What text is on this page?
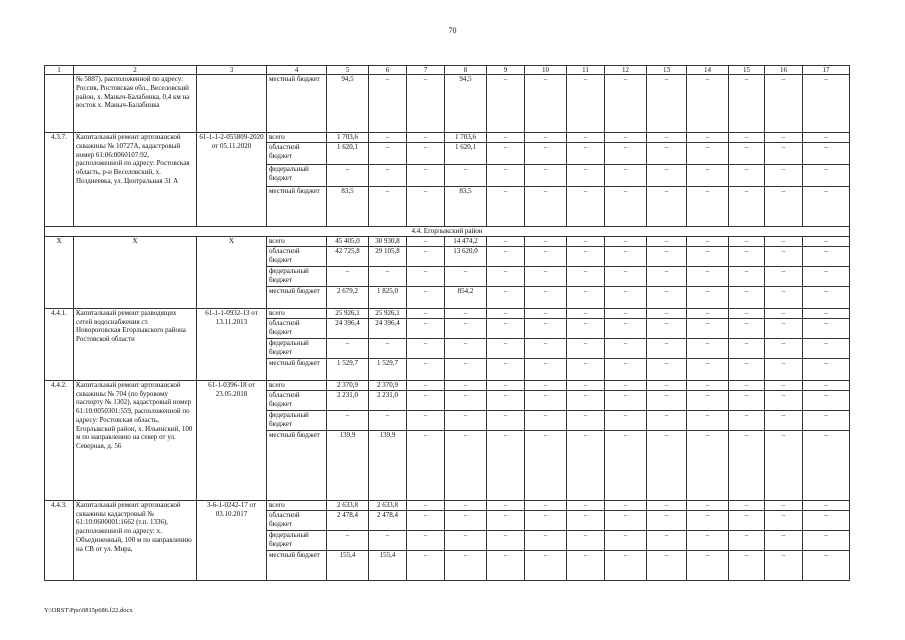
70
1	2	3	4	5	6	7	8	9	10	11	12	13	14	15	16	17
	№ 5887), расположенной по адресу: Россия, Ростовская обл., Веселовский район, х. Маныч-Балабинка, 0,4 км на восток х. Маныч-Балабинка		местный бюджет	94,5	–	–	94,5	–	–	–	–	–	–	–	–	–
4.3.7.	Капитальный ремонт артезианской скважины № 10727А, кадастровый номер 61:06:0060107:92, расположенной по адресу: Ростовская область, р-н Веселовский, х. Позднеевка, ул. Центральная 31 А	61-1-1-2-055809-2020 от 05.11.2020	всего	1 703,6	–	–	1 703,6	–	–	–	–	–	–	–	–	–
			областной бюджет	1 620,1	–	–	1 620,1	–	–	–	–	–	–	–	–	–
			федеральный бюджет	–	–	–	–	–	–	–	–	–	–	–	–	–
			местный бюджет	83,5	–	–	83,5	–	–	–	–	–	–	–	–	–
4.4. Егорлыкский район																
Х	Х	Х	всего	45 405,0	30 930,8	–	14 474,2	–	–	–	–	–	–	–	–	–
			областной бюджет	42 725,8	29 105,8	–	13 620,0	–	–	–	–	–	–	–	–	–
			федеральный бюджет	–	–	–	–	–	–	–	–	–	–	–	–	–
			местный бюджет	2 679,2	1 825,0	–	854,2	–	–	–	–	–	–	–	–	–
4.4.1.	Капитальный ремонт разводящих сетей водоснабжения ст. Новороговская Егорлыкского района Ростовской области	61-1-1-0932-13 от 13.11.2013	всего	25 926,1	25 926,1	–	–	–	–	–	–	–	–	–	–	–
			областной бюджет	24 396,4	24 396,4	–	–	–	–	–	–	–	–	–	–	–
			федеральный бюджет	–	–	–	–	–	–	–	–	–	–	–	–	–
			местный бюджет	1 529,7	1 529,7	–	–	–	–	–	–	–	–	–	–	–
4.4.2.	Капитальный ремонт артезианской скважины № 704 (по буровому паспорту № 1302), кадастровый номер 61:10:0050301:559, расположенной по адресу: Ростовская область, Егорлыкский район, х. Ильинский, 100 м по направлению на север от ул. Северная, д. 56	61-1-0396-18 от 23.05.2018	всего	2 370,9	2 370,9	–	–	–	–	–	–	–	–	–	–	–
			областной бюджет	2 231,0	2 231,0	–	–	–	–	–	–	–	–	–	–	–
			федеральный бюджет	–	–	–	–	–	–	–	–	–	–	–	–	–
			местный бюджет	139,9	139,9	–	–	–	–	–	–	–	–	–	–	–
4.4.3.	Капитальный ремонт артезианской скважины кадастровый № 61:10:0600001:1662 (т.п. 1336), расположенной по адресу: х. Объединенный, 100 м по направлению на СВ от ул. Мира,	3-6-1-0242-17 от 03.10.2017	всего	2 633,8	2 633,8	–	–	–	–	–	–	–	–	–	–	–
			областной бюджет	2 478,4	2 478,4	–	–	–	–	–	–	–	–	–	–	–
			федеральный бюджет	–	–	–	–	–	–	–	–	–	–	–	–	–
			местный бюджет	155,4	155,4	–	–	–	–	–	–	–	–	–	–	–
Y:\ORST\Ppo\0815p686.f22.docx
